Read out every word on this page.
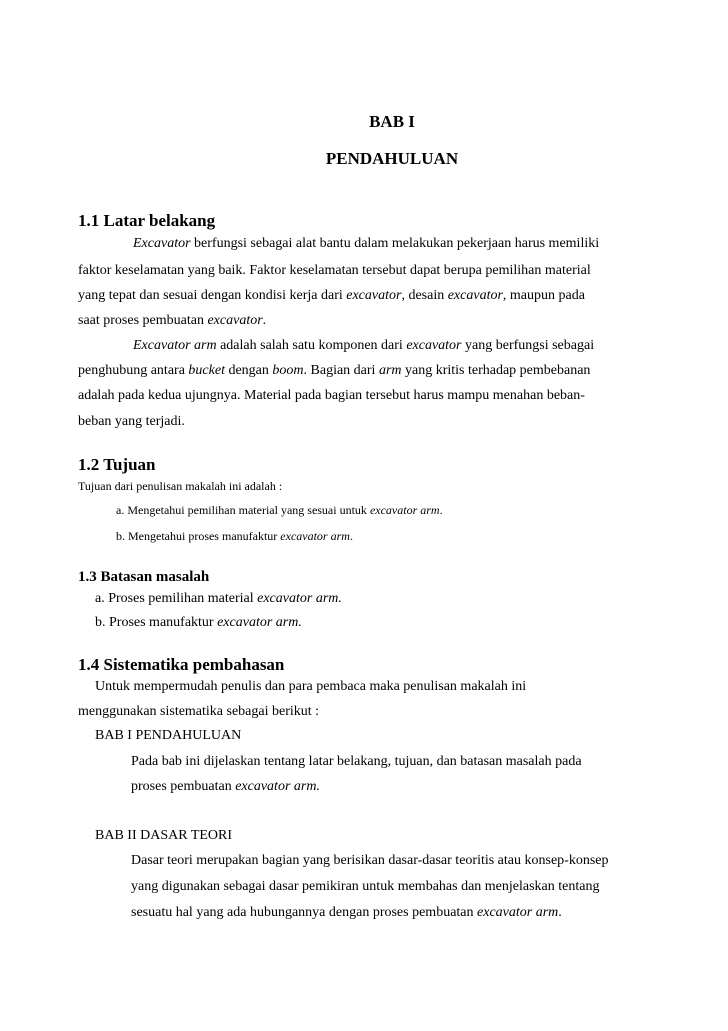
BAB I
PENDAHULUAN
1.1 Latar belakang
Excavator berfungsi sebagai alat bantu dalam melakukan pekerjaan harus memiliki
faktor keselamatan yang baik. Faktor keselamatan tersebut dapat berupa pemilihan material
yang tepat dan sesuai dengan kondisi kerja dari excavator, desain excavator, maupun pada
saat proses pembuatan excavator.
Excavator arm adalah salah satu komponen dari excavator yang berfungsi sebagai
penghubung antara bucket dengan boom. Bagian dari arm yang kritis terhadap pembebanan
adalah pada kedua ujungnya. Material pada bagian tersebut harus mampu menahan beban-
beban yang terjadi.
1.2 Tujuan
Tujuan dari penulisan makalah ini adalah :
a. Mengetahui pemilihan material yang sesuai untuk excavator arm.
b. Mengetahui proses manufaktur excavator arm.
1.3 Batasan masalah
a. Proses pemilihan material excavator arm.
b. Proses manufaktur excavator arm.
1.4 Sistematika pembahasan
Untuk mempermudah penulis dan para pembaca maka penulisan makalah ini
menggunakan sistematika sebagai berikut :
BAB I PENDAHULUAN
Pada bab ini dijelaskan tentang latar belakang, tujuan, dan batasan masalah pada
proses pembuatan excavator arm.
BAB II DASAR TEORI
Dasar teori merupakan bagian yang berisikan dasar-dasar teoritis atau konsep-konsep
yang digunakan sebagai dasar pemikiran untuk membahas dan menjelaskan tentang
sesuatu hal yang ada hubungannya dengan proses pembuatan excavator arm.
